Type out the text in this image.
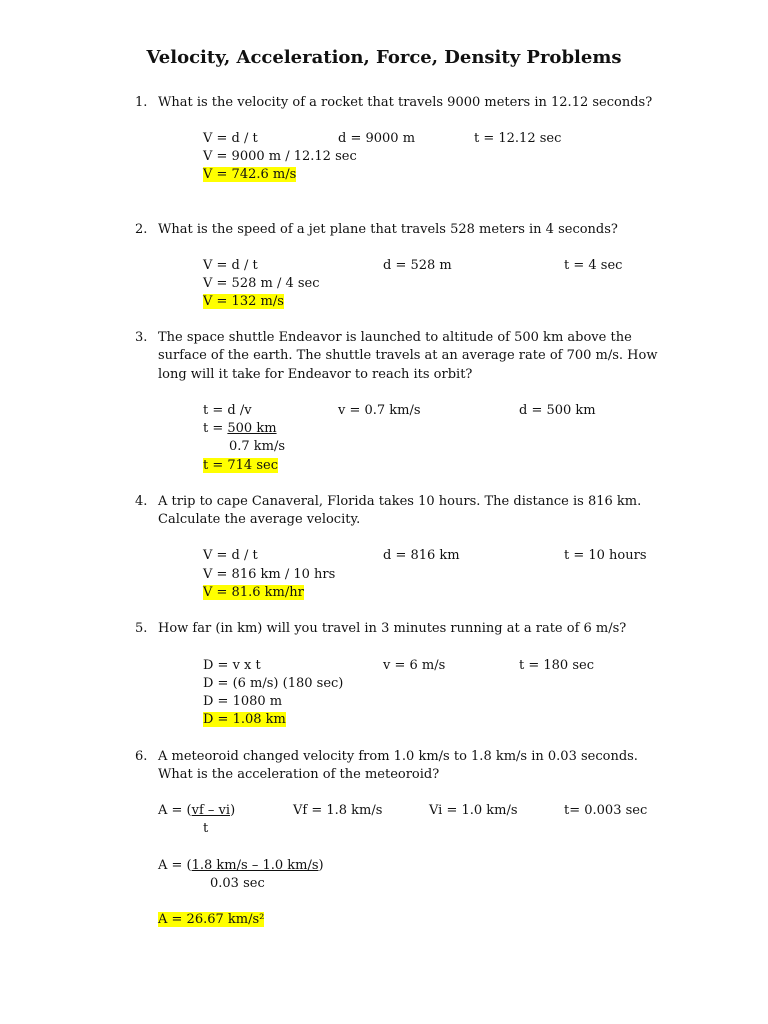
Velocity, Acceleration, Force, Density Problems
1. What is the velocity of a rocket that travels 9000 meters in 12.12 seconds?
V = d / t	d = 9000 m	t = 12.12 sec
V = 9000 m / 12.12 sec
V = 742.6 m/s
2. What is the speed of a jet plane that travels 528 meters in 4 seconds?
V = d / t	d = 528 m	t = 4 sec
V = 528 m / 4 sec
V = 132 m/s
3. The space shuttle Endeavor is launched to altitude of 500 km above the
surface of the earth. The shuttle travels at an average rate of 700 m/s. How
long will it take for Endeavor to reach its orbit?
t = d /v	v = 0.7 km/s	d = 500 km
t = 500 km
0.7 km/s
t = 714 sec
4. A trip to cape Canaveral, Florida takes 10 hours. The distance is 816 km.
Calculate the average velocity.
V = d / t	d = 816 km	t = 10 hours
V = 816 km / 10 hrs
V = 81.6 km/hr
5. How far (in km) will you travel in 3 minutes running at a rate of 6 m/s?
D = v x t	v = 6 m/s	t = 180 sec
D = (6 m/s) (180 sec)
D = 1080 m
D = 1.08 km
6. A meteoroid changed velocity from 1.0 km/s to 1.8 km/s in 0.03 seconds.
What is the acceleration of the meteoroid?
A = (vf – vi)	Vf = 1.8 km/s	Vi = 1.0 km/s	t= 0.003 sec
t
A = (1.8 km/s – 1.0 km/s)
0.03 sec
A = 26.67 km/s²
